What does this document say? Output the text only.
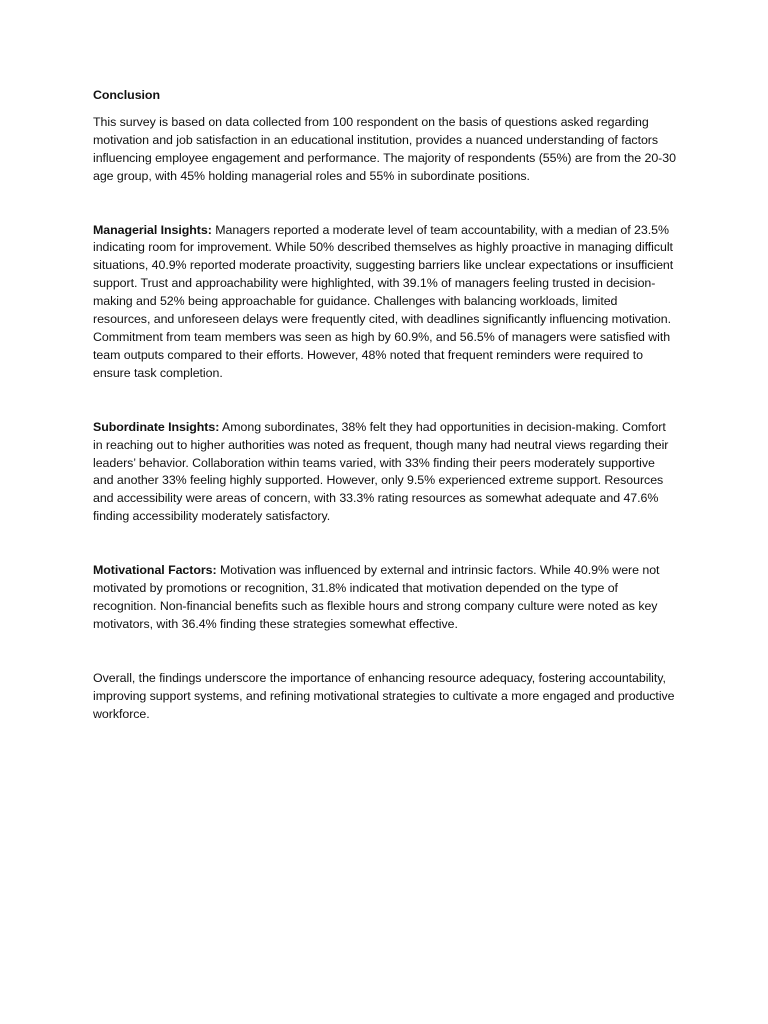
Conclusion

This survey is based on data collected from 100 respondent on the basis of questions asked regarding motivation and job satisfaction in an educational institution, provides a nuanced understanding of factors influencing employee engagement and performance. The majority of respondents (55%) are from the 20-30 age group, with 45% holding managerial roles and 55% in subordinate positions.

Managerial Insights: Managers reported a moderate level of team accountability, with a median of 23.5% indicating room for improvement. While 50% described themselves as highly proactive in managing difficult situations, 40.9% reported moderate proactivity, suggesting barriers like unclear expectations or insufficient support. Trust and approachability were highlighted, with 39.1% of managers feeling trusted in decision-making and 52% being approachable for guidance. Challenges with balancing workloads, limited resources, and unforeseen delays were frequently cited, with deadlines significantly influencing motivation. Commitment from team members was seen as high by 60.9%, and 56.5% of managers were satisfied with team outputs compared to their efforts. However, 48% noted that frequent reminders were required to ensure task completion.

Subordinate Insights: Among subordinates, 38% felt they had opportunities in decision-making. Comfort in reaching out to higher authorities was noted as frequent, though many had neutral views regarding their leaders’ behavior. Collaboration within teams varied, with 33% finding their peers moderately supportive and another 33% feeling highly supported. However, only 9.5% experienced extreme support. Resources and accessibility were areas of concern, with 33.3% rating resources as somewhat adequate and 47.6% finding accessibility moderately satisfactory.

Motivational Factors: Motivation was influenced by external and intrinsic factors. While 40.9% were not motivated by promotions or recognition, 31.8% indicated that motivation depended on the type of recognition. Non-financial benefits such as flexible hours and strong company culture were noted as key motivators, with 36.4% finding these strategies somewhat effective.

Overall, the findings underscore the importance of enhancing resource adequacy, fostering accountability, improving support systems, and refining motivational strategies to cultivate a more engaged and productive workforce.
